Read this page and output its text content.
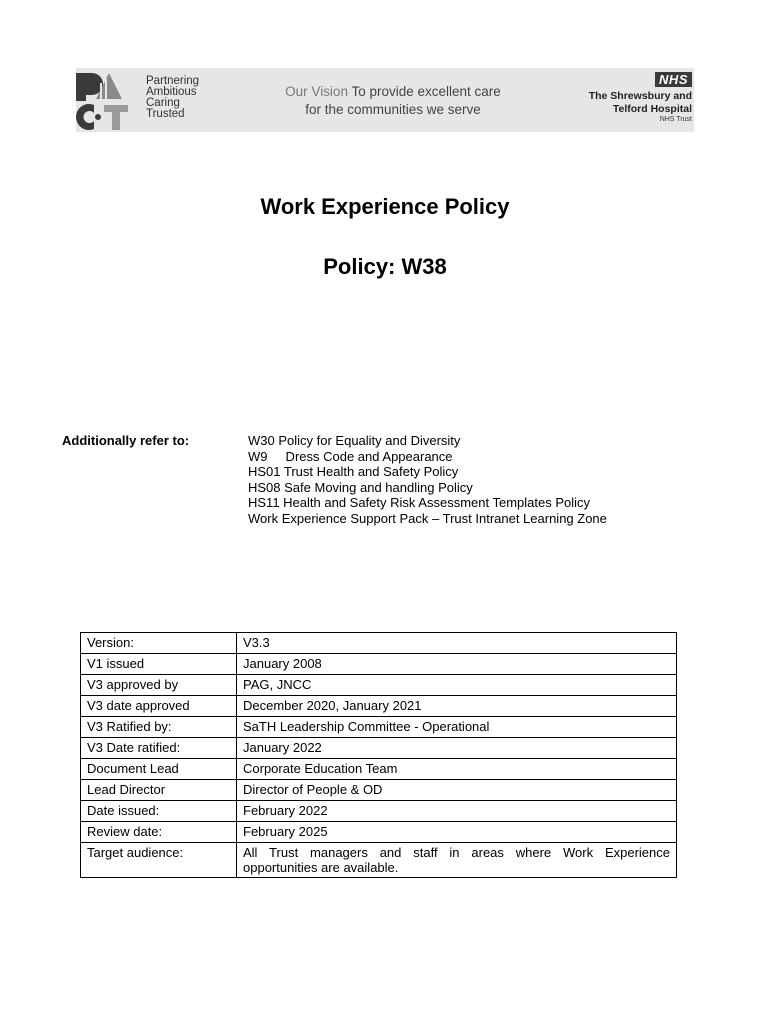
Partnering
Ambitious
Caring
Trusted
Our Vision To provide excellent care
for the communities we serve
NHS
The Shrewsbury and
Telford Hospital
NHS Trust
Work Experience Policy
Policy: W38
Additionally refer to:	W30 Policy for Equality and Diversity
W9     Dress Code and Appearance
HS01 Trust Health and Safety Policy
HS08 Safe Moving and handling Policy
HS11 Health and Safety Risk Assessment Templates Policy
Work Experience Support Pack – Trust Intranet Learning Zone
Version:	V3.3
V1 issued	January 2008
V3 approved by	PAG, JNCC
V3 date approved	December 2020, January 2021
V3 Ratified by:	SaTH Leadership Committee - Operational
V3 Date ratified:	January 2022
Document Lead	Corporate Education Team
Lead Director	Director of People & OD
Date issued:	February 2022
Review date:	February 2025
Target audience:	All Trust managers and staff in areas where Work Experience opportunities are available.
